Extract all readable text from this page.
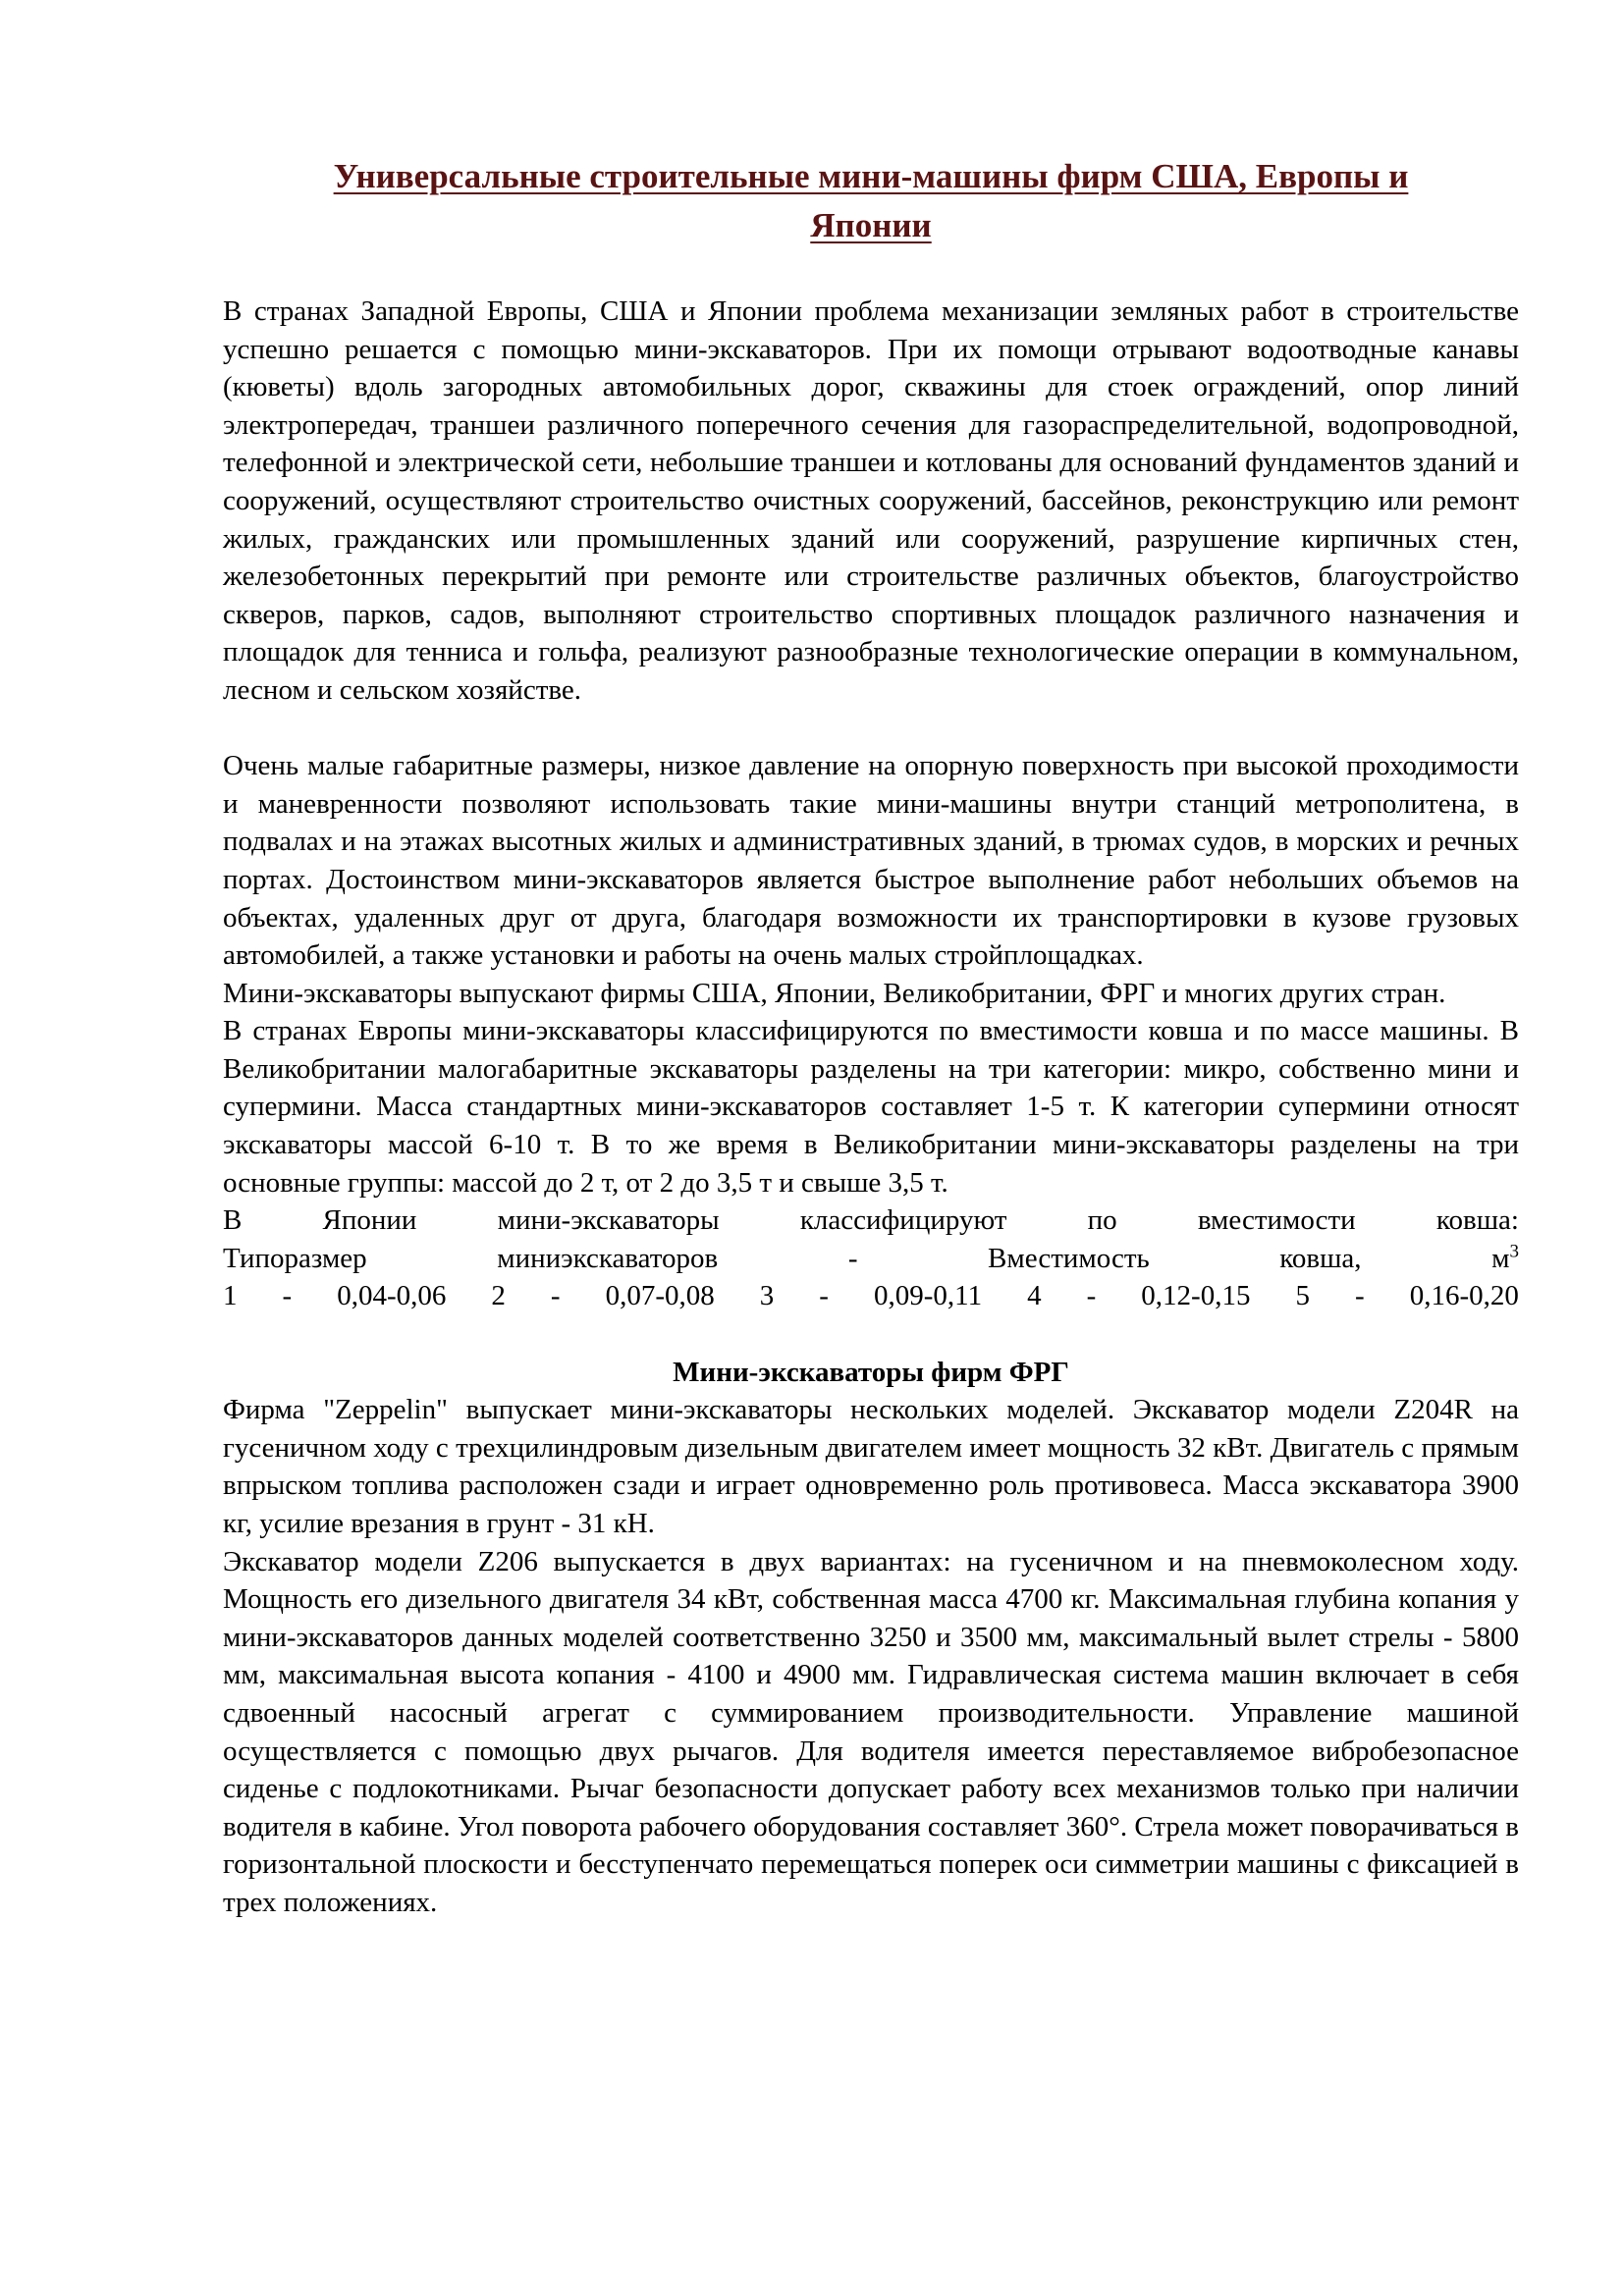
Универсальные строительные мини-машины фирм США, Европы и
Японии

В странах Западной Европы, США и Японии проблема механизации земляных работ в строительстве успешно решается с помощью мини-экскаваторов. При их помощи отрывают водоотводные канавы (кюветы) вдоль загородных автомобильных дорог, скважины для стоек ограждений, опор линий электропередач, траншеи различного поперечного сечения для газораспределительной, водопроводной, телефонной и электрической сети, небольшие траншеи и котлованы для оснований фундаментов зданий и сооружений, осуществляют строительство очистных сооружений, бассейнов, реконструкцию или ремонт жилых, гражданских или промышленных зданий или сооружений, разрушение кирпичных стен, железобетонных перекрытий при ремонте или строительстве различных объектов, благоустройство скверов, парков, садов, выполняют строительство спортивных площадок различного назначения и площадок для тенниса и гольфа, реализуют разнообразные технологические операции в коммунальном, лесном и сельском хозяйстве.

Очень малые габаритные размеры, низкое давление на опорную поверхность при высокой проходимости и маневренности позволяют использовать такие мини-машины внутри станций метрополитена, в подвалах и на этажах высотных жилых и административных зданий, в трюмах судов, в морских и речных портах. Достоинством мини-экскаваторов является быстрое выполнение работ небольших объемов на объектах, удаленных друг от друга, благодаря возможности их транспортировки в кузове грузовых автомобилей, а также установки и работы на очень малых стройплощадках.

Мини-экскаваторы выпускают фирмы США, Японии, Великобритании, ФРГ и многих других стран.

В странах Европы мини-экскаваторы классифицируются по вместимости ковша и по массе машины. В Великобритании малогабаритные экскаваторы разделены на три категории: микро, собственно мини и супермини. Масса стандартных мини-экскаваторов составляет 1-5 т. К категории супермини относят экскаваторы массой 6-10 т. В то же время в Великобритании мини-экскаваторы разделены на три основные группы: массой до 2 т, от 2 до 3,5 т и свыше 3,5 т.

В	Японии	мини-экскаваторы	классифицируют	по	вместимости	ковша:
Типоразмер	миниэкскаваторов	-	Вместимость	ковша,	$м^3$
1 - 0,04-0,06 2 - 0,07-0,08 3 - 0,09-0,11 4 - 0,12-0,15 5 - 0,16-0,20
Мини-экскаваторы фирм ФРГ

Фирма "Zeppelin" выпускает мини-экскаваторы нескольких моделей. Экскаватор модели Z204R на гусеничном ходу с трехцилиндровым дизельным двигателем имеет мощность 32 кВт. Двигатель с прямым впрыском топлива расположен сзади и играет одновременно роль противовеса. Масса экскаватора 3900 кг, усилие врезания в грунт - 31 кН.

Экскаватор модели Z206 выпускается в двух вариантах: на гусеничном и на пневмоколесном ходу. Мощность его дизельного двигателя 34 кВт, собственная масса 4700 кг. Максимальная глубина копания у мини-экскаваторов данных моделей соответственно 3250 и 3500 мм, максимальный вылет стрелы - 5800 мм, максимальная высота копания - 4100 и 4900 мм. Гидравлическая система машин включает в себя сдвоенный насосный агрегат с суммированием производительности. Управление машиной осуществляется с помощью двух рычагов. Для водителя имеется переставляемое вибробезопасное сиденье с подлокотниками. Рычаг безопасности допускает работу всех механизмов только при наличии водителя в кабине. Угол поворота рабочего оборудования составляет 360°. Стрела может поворачиваться в горизонтальной плоскости и бесступенчато перемещаться поперек оси симметрии машины с фиксацией в трех положениях.
